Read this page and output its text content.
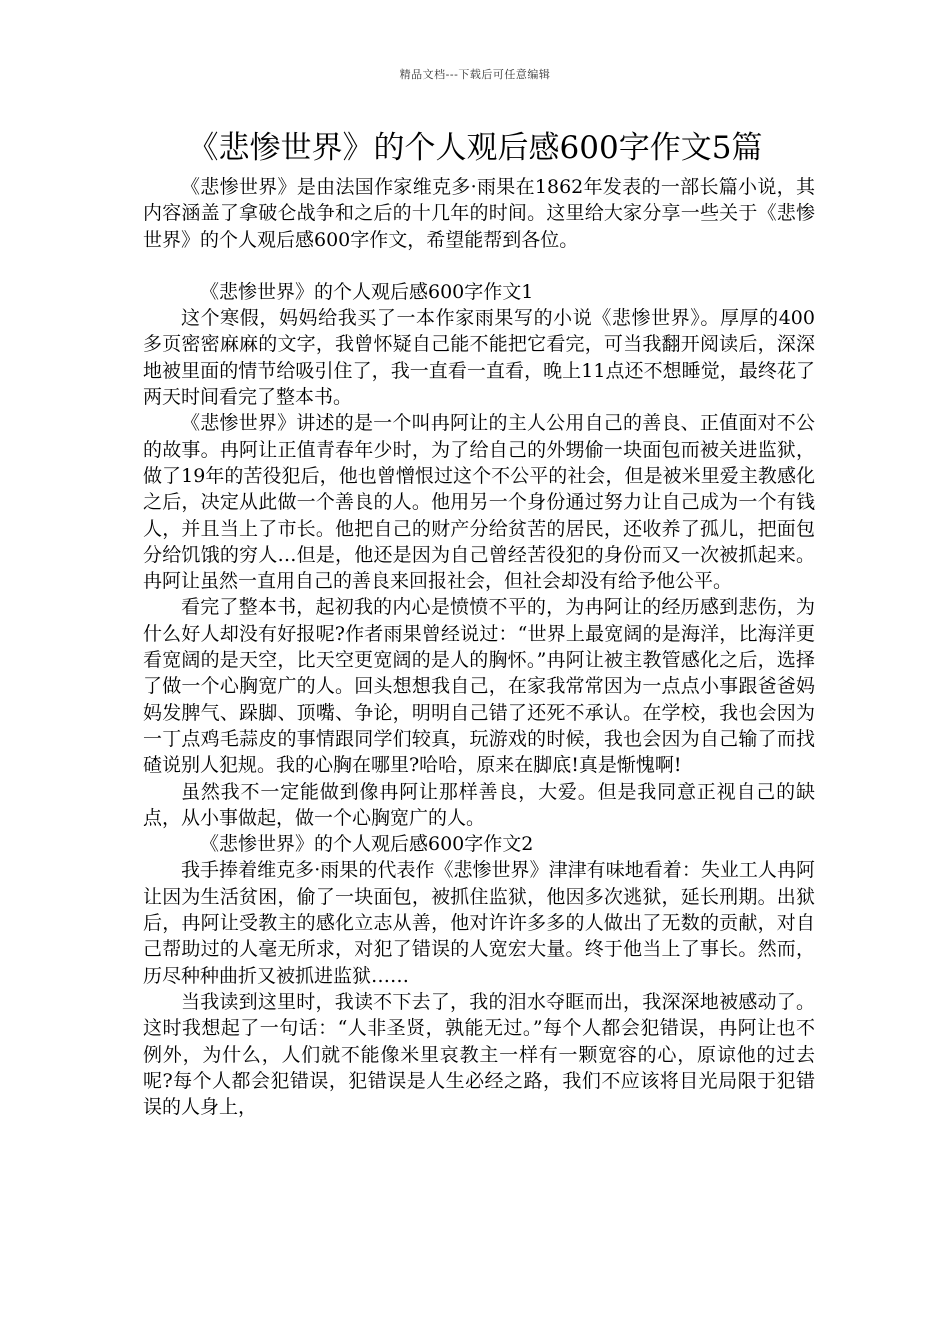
精品文档---下载后可任意编辑
《悲惨世界》的个人观后感600字作文5篇

《悲惨世界》是由法国作家维克多·雨果在1862年发表的一部长篇小说，其内容涵盖了拿破仑战争和之后的十几年的时间。这里给大家分享一些关于《悲惨世界》的个人观后感600字作文，希望能帮到各位。

《悲惨世界》的个人观后感600字作文1

这个寒假，妈妈给我买了一本作家雨果写的小说《悲惨世界》。厚厚的400多页密密麻麻的文字，我曾怀疑自己能不能把它看完，可当我翻开阅读后，深深地被里面的情节给吸引住了，我一直看一直看，晚上11点还不想睡觉，最终花了两天时间看完了整本书。

《悲惨世界》讲述的是一个叫冉阿让的主人公用自己的善良、正值面对不公的故事。冉阿让正值青春年少时，为了给自己的外甥偷一块面包而被关进监狱，做了19年的苦役犯后，他也曾憎恨过这个不公平的社会，但是被米里爱主教感化之后，决定从此做一个善良的人。他用另一个身份通过努力让自己成为一个有钱人，并且当上了市长。他把自己的财产分给贫苦的居民，还收养了孤儿，把面包分给饥饿的穷人…但是，他还是因为自己曾经苦役犯的身份而又一次被抓起来。冉阿让虽然一直用自己的善良来回报社会，但社会却没有给予他公平。

看完了整本书，起初我的内心是愤愤不平的，为冉阿让的经历感到悲伤，为什么好人却没有好报呢?作者雨果曾经说过：“世界上最宽阔的是海洋，比海洋更看宽阔的是天空，比天空更宽阔的是人的胸怀。”冉阿让被主教管感化之后，选择了做一个心胸宽广的人。回头想想我自己，在家我常常因为一点点小事跟爸爸妈妈发脾气、跺脚、顶嘴、争论，明明自己错了还死不承认。在学校，我也会因为一丁点鸡毛蒜皮的事情跟同学们较真，玩游戏的时候，我也会因为自己输了而找碴说别人犯规。我的心胸在哪里?哈哈，原来在脚底!真是惭愧啊!

虽然我不一定能做到像冉阿让那样善良，大爱。但是我同意正视自己的缺点，从小事做起，做一个心胸宽广的人。

《悲惨世界》的个人观后感600字作文2

我手捧着维克多·雨果的代表作《悲惨世界》津津有味地看着：失业工人冉阿让因为生活贫困，偷了一块面包，被抓住监狱，他因多次逃狱，延长刑期。出狱后，冉阿让受教主的感化立志从善，他对许许多多的人做出了无数的贡献，对自己帮助过的人毫无所求，对犯了错误的人宽宏大量。终于他当上了事长。然而，历尽种种曲折又被抓进监狱……

当我读到这里时，我读不下去了，我的泪水夺眶而出，我深深地被感动了。这时我想起了一句话：“人非圣贤，孰能无过。”每个人都会犯错误，冉阿让也不例外，为什么，人们就不能像米里哀教主一样有一颗宽容的心，原谅他的过去呢?每个人都会犯错误，犯错误是人生必经之路，我们不应该将目光局限于犯错误的人身上，
